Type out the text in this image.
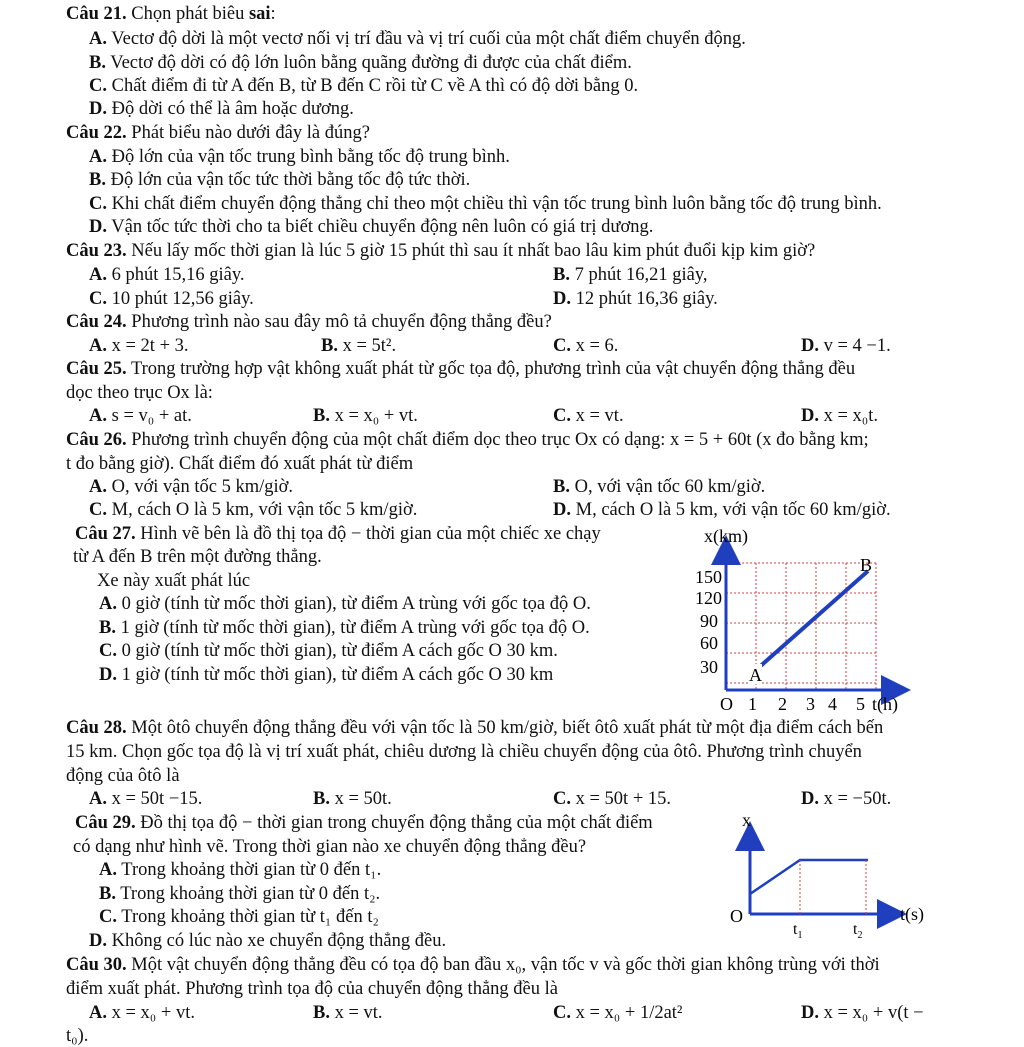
Câu 21. Chọn phát biêu sai:
A. Vectơ độ dời là một vectơ nối vị trí đầu và vị trí cuối của một chất điểm chuyển động.
B. Vectơ độ dời có độ lớn luôn bằng quãng đường đi được của chất điểm.
C. Chất điểm đi từ A đến B, từ B đến C rồi từ C về A thì có độ dời bằng 0.
D. Độ dời có thể là âm hoặc dương.
Câu 22. Phát biểu nào dưới đây là đúng?
A. Độ lớn của vận tốc trung bình bằng tốc độ trung bình.
B. Độ lớn của vận tốc tức thời bằng tốc độ tức thời.
C. Khi chất điểm chuyển động thẳng chỉ theo một chiều thì vận tốc trung bình luôn bằng tốc độ trung bình.
D. Vận tốc tức thời cho ta biết chiều chuyển động nên luôn có giá trị dương.
Câu 23. Nếu lấy mốc thời gian là lúc 5 giờ 15 phút thì sau ít nhất bao lâu kim phút đuổi kịp kim giờ?
A. 6 phút 15,16 giây.	B. 7 phút 16,21 giây,
C. 10 phút 12,56 giây.	D. 12 phút 16,36 giây.
Câu 24. Phương trình nào sau đây mô tả chuyển động thẳng đều?
A. x = 2t + 3.	B. x = 5t².	C. x = 6.	D. v = 4 −1.
Câu 25. Trong trường hợp vật không xuất phát từ gốc tọa độ, phương trình của vật chuyển động thẳng đều
dọc theo trục Ox là:
A. s = v₀ + at.	B. x = x₀ + vt.	C. x = vt.	D. x = x₀t.
Câu 26. Phương trình chuyển động của một chất điểm dọc theo trục Ox có dạng: x = 5 + 60t (x đo bằng km;
t đo bằng giờ). Chất điểm đó xuất phát từ điểm
A. O, với vận tốc 5 km/giờ.	B. O, với vận tốc 60 km/giờ.
C. M, cách O là 5 km, với vận tốc 5 km/giờ.	D. M, cách O là 5 km, với vận tốc 60 km/giờ.
Câu 27. Hình vẽ bên là đồ thị tọa độ − thời gian của một chiếc xe chạy
từ A đến B trên một đường thẳng.
Xe này xuất phát lúc
A. 0 giờ (tính từ mốc thời gian), từ điểm A trùng với gốc tọa độ O.
B. 1 giờ (tính từ mốc thời gian), từ điểm A trùng với gốc tọa độ O.
C. 0 giờ (tính từ mốc thời gian), từ điểm A cách gốc O 30 km.
D. 1 giờ (tính từ mốc thời gian), từ điểm A cách gốc O 30 km
x(km)
150
120
90
60
30
O 1 2 3 4 5 t(h)
A
B
Câu 28. Một ôtô chuyển động thẳng đều với vận tốc là 50 km/giờ, biết ôtô xuất phát từ một địa điểm cách bến
15 km. Chọn gốc tọa độ là vị trí xuất phát, chiêu dương là chiều chuyển động của ôtô. Phương trình chuyển
động của ôtô là
A. x = 50t −15.	B. x = 50t.	C. x = 50t + 15.	D. x = −50t.
Câu 29. Đồ thị tọa độ − thời gian trong chuyển động thẳng của một chất điểm
có dạng như hình vẽ. Trong thời gian nào xe chuyển động thẳng đều?
A. Trong khoảng thời gian từ 0 đến t₁.
B. Trong khoảng thời gian từ 0 đến t₂.
C. Trong khoảng thời gian từ t₁ đến t₂
D. Không có lúc nào xe chuyển động thẳng đều.
x
O
$t_1$	$t_2$
t(s)
Câu 30. Một vật chuyển động thẳng đều có tọa độ ban đầu x₀, vận tốc v và gốc thời gian không trùng với thời
điểm xuất phát. Phương trình tọa độ của chuyển động thẳng đều là
A. x = x₀ + vt.	B. x = vt.	C. x = x₀ + 1/2at²	D. x = x₀ + v(t −
t₀).
